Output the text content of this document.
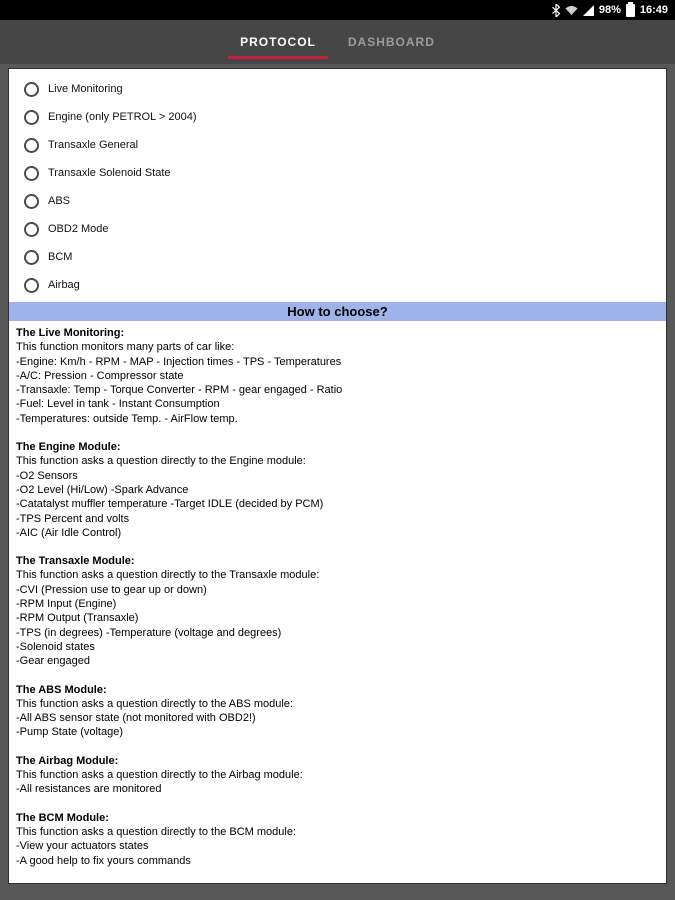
98% 16:49
PROTOCOL	DASHBOARD
Live Monitoring
Engine (only PETROL > 2004)
Transaxle General
Transaxle Solenoid State
ABS
OBD2 Mode
BCM
Airbag
How to choose?
The Live Monitoring:
This function monitors many parts of car like:
-Engine: Km/h - RPM - MAP - Injection times - TPS - Temperatures
-A/C: Pression - Compressor state
-Transaxle: Temp - Torque Converter - RPM - gear engaged - Ratio
-Fuel: Level in tank - Instant Consumption
-Temperatures: outside Temp. - AirFlow temp.
The Engine Module:
This function asks a question directly to the Engine module:
-O2 Sensors
-O2 Level (Hi/Low) -Spark Advance
-Catatalyst muffler temperature -Target IDLE (decided by PCM)
-TPS Percent and volts
-AIC (Air Idle Control)
The Transaxle Module:
This function asks a question directly to the Transaxle module:
-CVI (Pression use to gear up or down)
-RPM Input (Engine)
-RPM Output (Transaxle)
-TPS (in degrees) -Temperature (voltage and degrees)
-Solenoid states
-Gear engaged
The ABS Module:
This function asks a question directly to the ABS module:
-All ABS sensor state (not monitored with OBD2!)
-Pump State (voltage)
The Airbag Module:
This function asks a question directly to the Airbag module:
-All resistances are monitored
The BCM Module:
This function asks a question directly to the BCM module:
-View your actuators states
-A good help to fix yours commands
